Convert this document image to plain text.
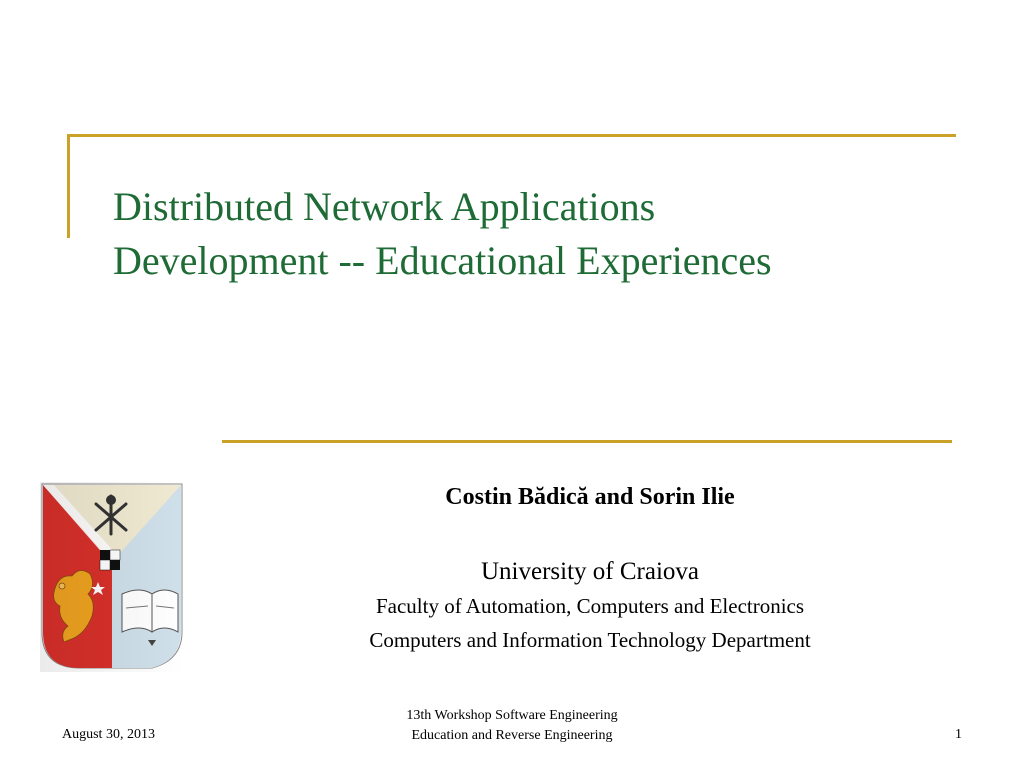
Distributed Network Applications
Development -- Educational Experiences
Costin Bădică and Sorin Ilie
University of Craiova
Faculty of Automation, Computers and Electronics
Computers and Information Technology Department
August 30, 2013
13th Workshop Software Engineering
Education and Reverse Engineering	1
